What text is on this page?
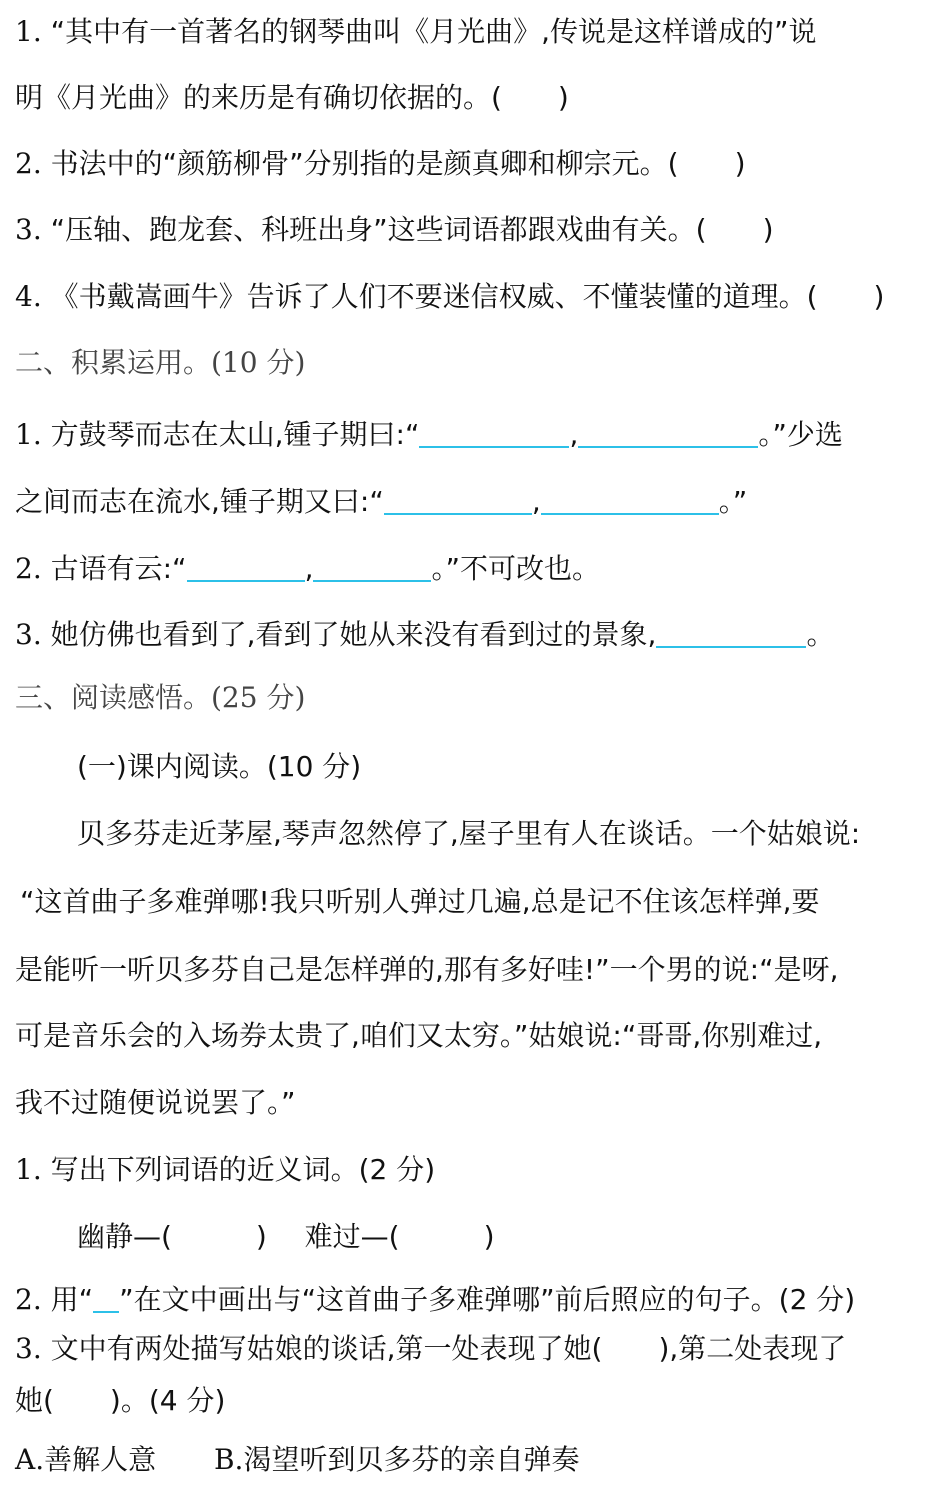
1. “其中有一首著名的钢琴曲叫《月光曲》,传说是这样谱成的”说
明《月光曲》的来历是有确切依据的。(　　)
2. 书法中的“颜筋柳骨”分别指的是颜真卿和柳宗元。(　　)
3. “压轴、跑龙套、科班出身”这些词语都跟戏曲有关。(　　)
4. 《书戴嵩画牛》告诉了人们不要迷信权威、不懂装懂的道理。(　　)
二、积累运用。(10 分)
1. 方鼓琴而志在太山,锺子期曰:“	,	。”少选
之间而志在流水,锺子期又曰:“	,	。”
2. 古语有云:“	,	。”不可改也。
3. 她仿佛也看到了,看到了她从来没有看到过的景象,	。
三、阅读感悟。(25 分)
(一)课内阅读。(10 分)
贝多芬走近茅屋,琴声忽然停了,屋子里有人在谈话。一个姑娘说:
“这首曲子多难弹哪!我只听别人弹过几遍,总是记不住该怎样弹,要
是能听一听贝多芬自己是怎样弹的,那有多好哇!”一个男的说:“是呀,
可是音乐会的入场券太贵了,咱们又太穷。”姑娘说:“哥哥,你别难过,
我不过随便说说罢了。”
1. 写出下列词语的近义词。(2 分)
幽静—(　　　) 难过—(　　　)
2. 用“ ”在文中画出与“这首曲子多难弹哪”前后照应的句子。(2 分)
3. 文中有两处描写姑娘的谈话,第一处表现了她(　　),第二处表现了
她(　　)。(4 分)
A.善解人意 B.渴望听到贝多芬的亲自弹奏
